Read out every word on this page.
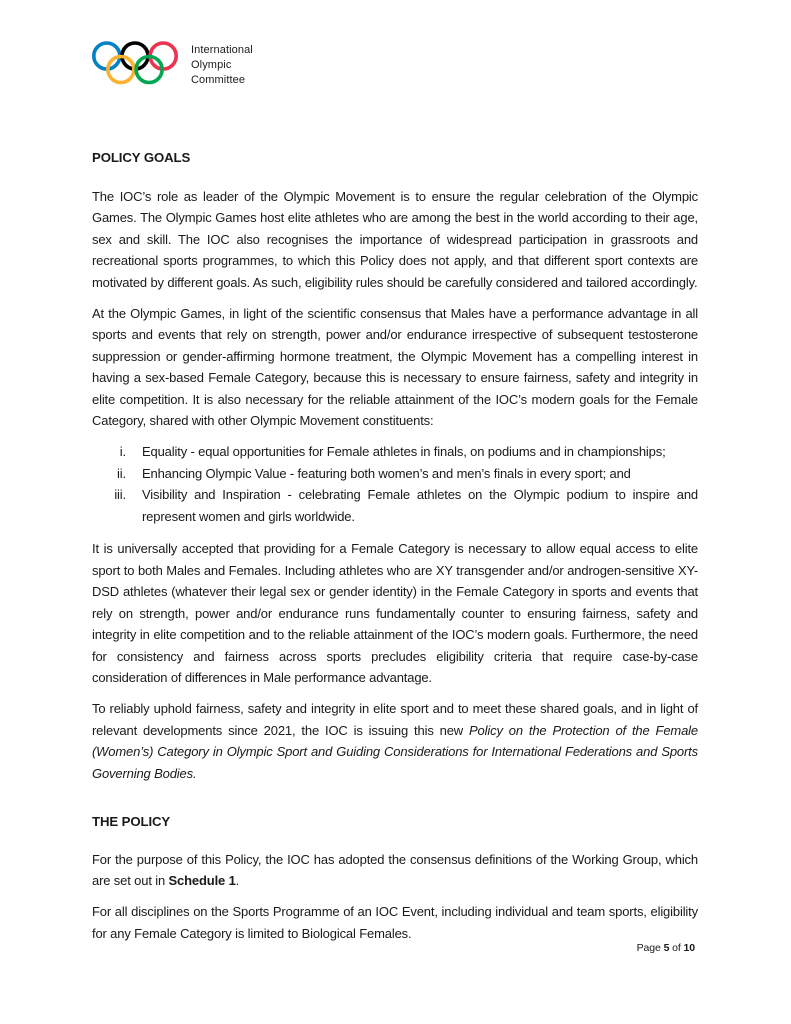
International
Olympic
Committee
POLICY GOALS

The IOC’s role as leader of the Olympic Movement is to ensure the regular celebration of the Olympic Games. The Olympic Games host elite athletes who are among the best in the world according to their age, sex and skill. The IOC also recognises the importance of widespread participation in grassroots and recreational sports programmes, to which this Policy does not apply, and that different sport contexts are motivated by different goals. As such, eligibility rules should be carefully considered and tailored accordingly.

At the Olympic Games, in light of the scientific consensus that Males have a performance advantage in all sports and events that rely on strength, power and/or endurance irrespective of subsequent testosterone suppression or gender-affirming hormone treatment, the Olympic Movement has a compelling interest in having a sex-based Female Category, because this is necessary to ensure fairness, safety and integrity in elite competition. It is also necessary for the reliable attainment of the IOC’s modern goals for the Female Category, shared with other Olympic Movement constituents:

i. Equality - equal opportunities for Female athletes in finals, on podiums and in championships;
ii. Enhancing Olympic Value - featuring both women’s and men’s finals in every sport; and
iii. Visibility and Inspiration - celebrating Female athletes on the Olympic podium to inspire and represent women and girls worldwide.

It is universally accepted that providing for a Female Category is necessary to allow equal access to elite sport to both Males and Females. Including athletes who are XY transgender and/or androgen-sensitive XY-DSD athletes (whatever their legal sex or gender identity) in the Female Category in sports and events that rely on strength, power and/or endurance runs fundamentally counter to ensuring fairness, safety and integrity in elite competition and to the reliable attainment of the IOC’s modern goals. Furthermore, the need for consistency and fairness across sports precludes eligibility criteria that require case-by-case consideration of differences in Male performance advantage.

To reliably uphold fairness, safety and integrity in elite sport and to meet these shared goals, and in light of relevant developments since 2021, the IOC is issuing this new Policy on the Protection of the Female (Women’s) Category in Olympic Sport and Guiding Considerations for International Federations and Sports Governing Bodies.

THE POLICY

For the purpose of this Policy, the IOC has adopted the consensus definitions of the Working Group, which are set out in Schedule 1.

For all disciplines on the Sports Programme of an IOC Event, including individual and team sports, eligibility for any Female Category is limited to Biological Females.

Page 5 of 10
